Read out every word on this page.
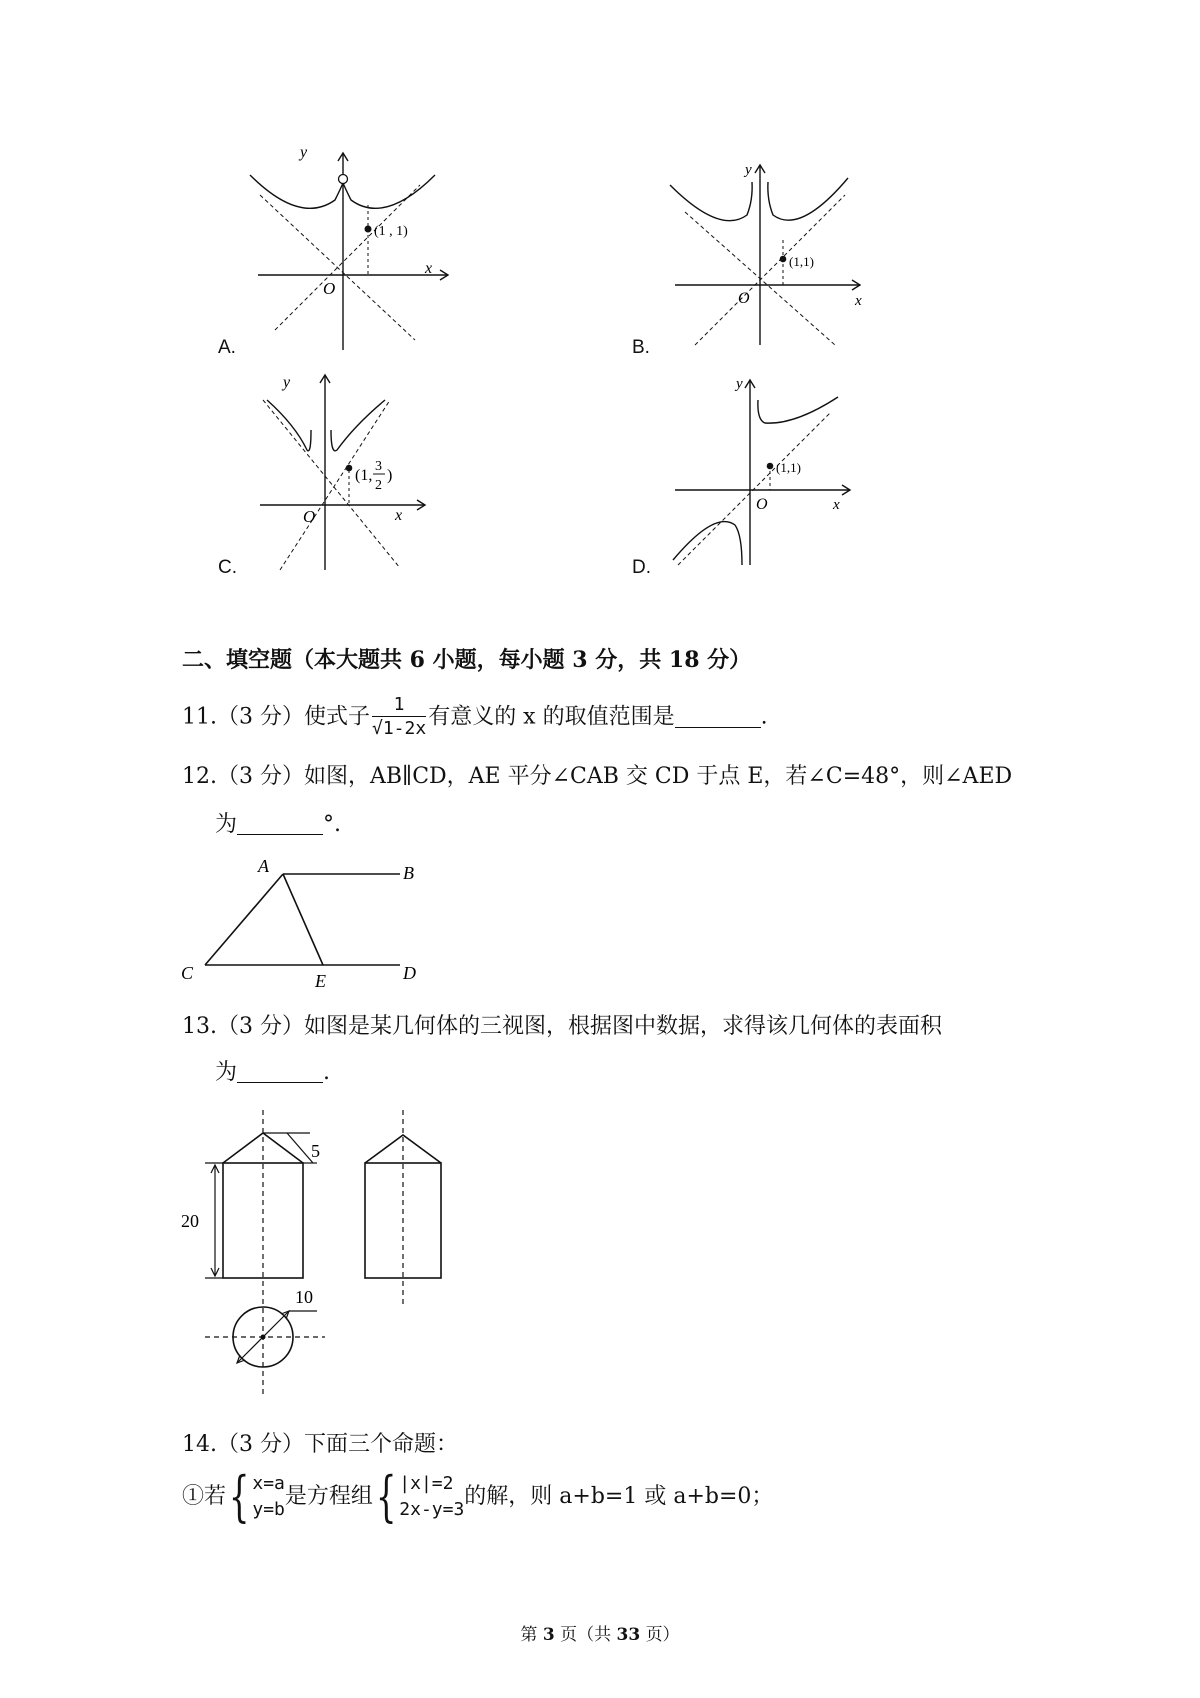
y
x
O
(1 , 1)
A.
y
x
O
(1,1)
B.
y
x
O
(1,
3
2
)
C.
y
x
O
(1,1)
D.
二、填空题（本大题共 6 小题，每小题 3 分，共 18 分）
11.（3 分）使式子 $\frac{1}{√1-2x}$ 有意义的 x 的取值范围是	.
12.（3 分）如图，AB∥CD，AE 平分∠CAB 交 CD 于点 E，若∠C=48°，则∠AED
为	°.
A	B
C	D
E
13.（3 分）如图是某几何体的三视图，根据图中数据，求得该几何体的表面积
为	.
5
20
10
14.（3 分）下面三个命题：
①若{ x=a
y=b
是方程组{ |x|=2
2x-y=3
的解，则 a+b=1 或 a+b=0；
第 3 页（共 33 页）
